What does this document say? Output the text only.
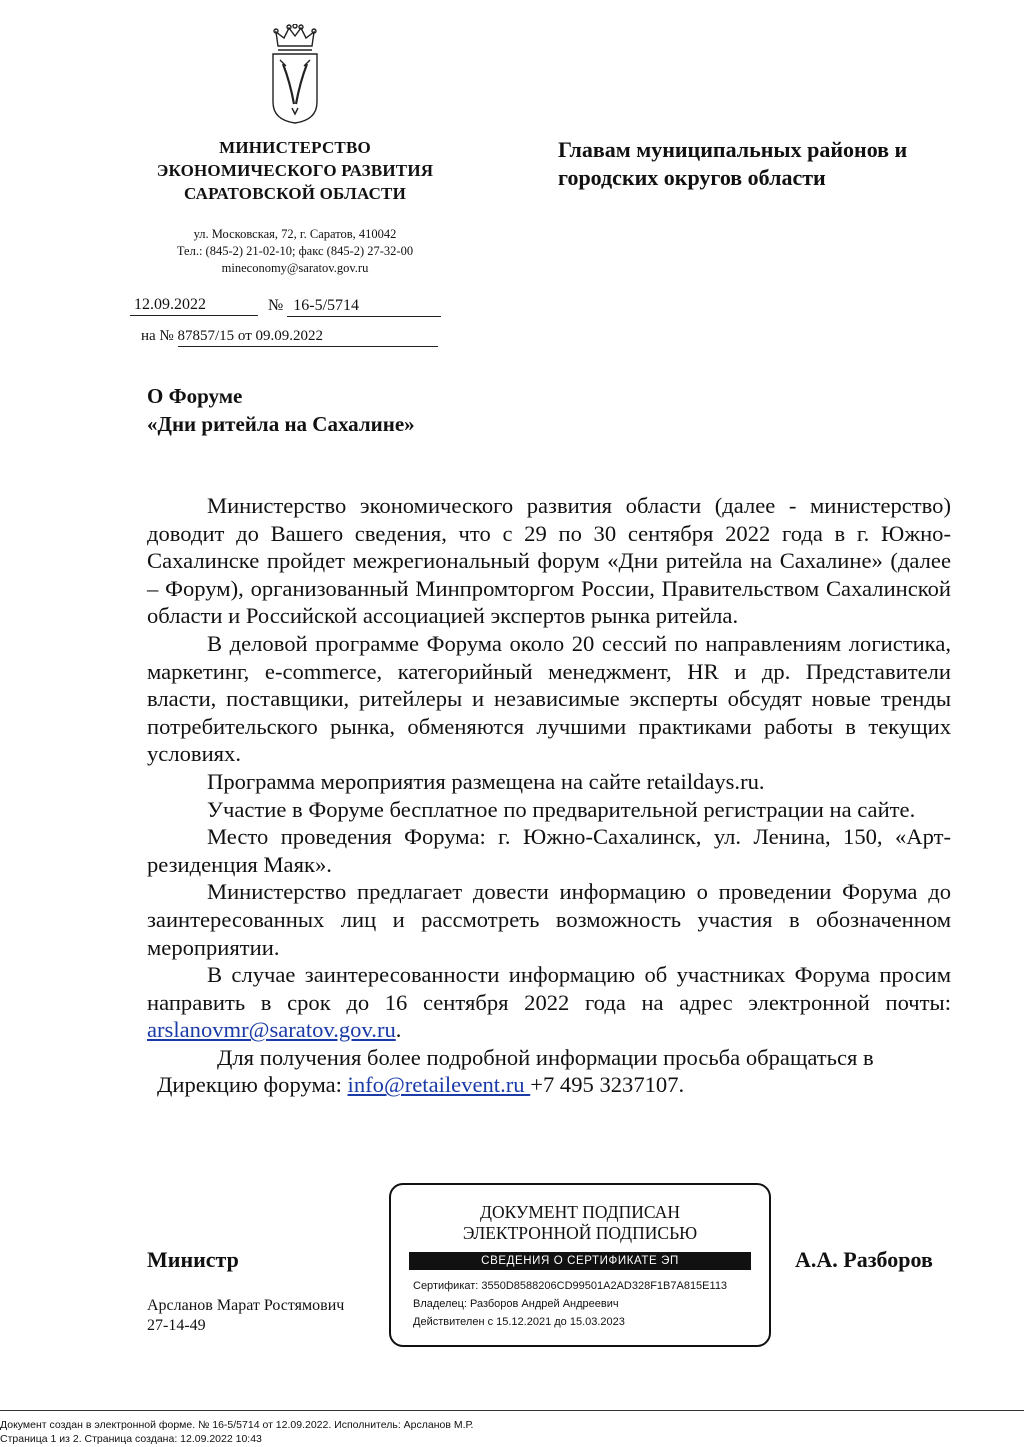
МИНИСТЕРСТВО
ЭКОНОМИЧЕСКОГО РАЗВИТИЯ
САРАТОВСКОЙ ОБЛАСТИ
ул. Московская, 72, г. Саратов, 410042
Тел.: (845-2) 21-02-10; факс (845-2) 27-32-00
mineconomy@saratov.gov.ru
12.09.2022	№ 16-5/5714
на № 87857/15 от 09.09.2022
Главам муниципальных районов и
городских округов области
О Форуме
«Дни ритейла на Сахалине»

Министерство экономического развития области (далее - министерство) доводит до Вашего сведения, что с 29 по 30 сентября 2022 года в г. Южно-Сахалинске пройдет межрегиональный форум «Дни ритейла на Сахалине» (далее – Форум), организованный Минпромторгом России, Правительством Сахалинской области и Российской ассоциацией экспертов рынка ритейла.

В деловой программе Форума около 20 сессий по направлениям логистика, маркетинг, e-commerce, категорийный менеджмент, HR и др. Представители власти, поставщики, ритейлеры и независимые эксперты обсудят новые тренды потребительского рынка, обменяются лучшими практиками работы в текущих условиях.

Программа мероприятия размещена на сайте retaildays.ru.

Участие в Форуме бесплатное по предварительной регистрации на сайте.

Место проведения Форума: г. Южно-Сахалинск, ул. Ленина, 150, «Арт-резиденция Маяк».

Министерство предлагает довести информацию о проведении Форума до заинтересованных лиц и рассмотреть возможность участия в обозначенном мероприятии.

В случае заинтересованности информацию об участниках Форума просим направить в срок до 16 сентября 2022 года на адрес электронной почты: arslanovmr@saratov.gov.ru.

Для получения более подробной информации просьба обращаться в
Дирекцию форума: info@retailevent.ru +7 495 3237107.
Министр	А.А. Разборов
ДОКУМЕНТ ПОДПИСАН
ЭЛЕКТРОННОЙ ПОДПИСЬЮ
СВЕДЕНИЯ О СЕРТИФИКАТЕ ЭП
Сертификат: 3550D8588206CD99501A2AD328F1B7A815E113
Владелец: Разборов Андрей Андреевич
Действителен с 15.12.2021 до 15.03.2023
Арсланов Марат Ростямович
27-14-49
Документ создан в электронной форме. № 16-5/5714 от 12.09.2022. Исполнитель: Арсланов М.Р.
Страница 1 из 2. Страница создана: 12.09.2022 10:43
